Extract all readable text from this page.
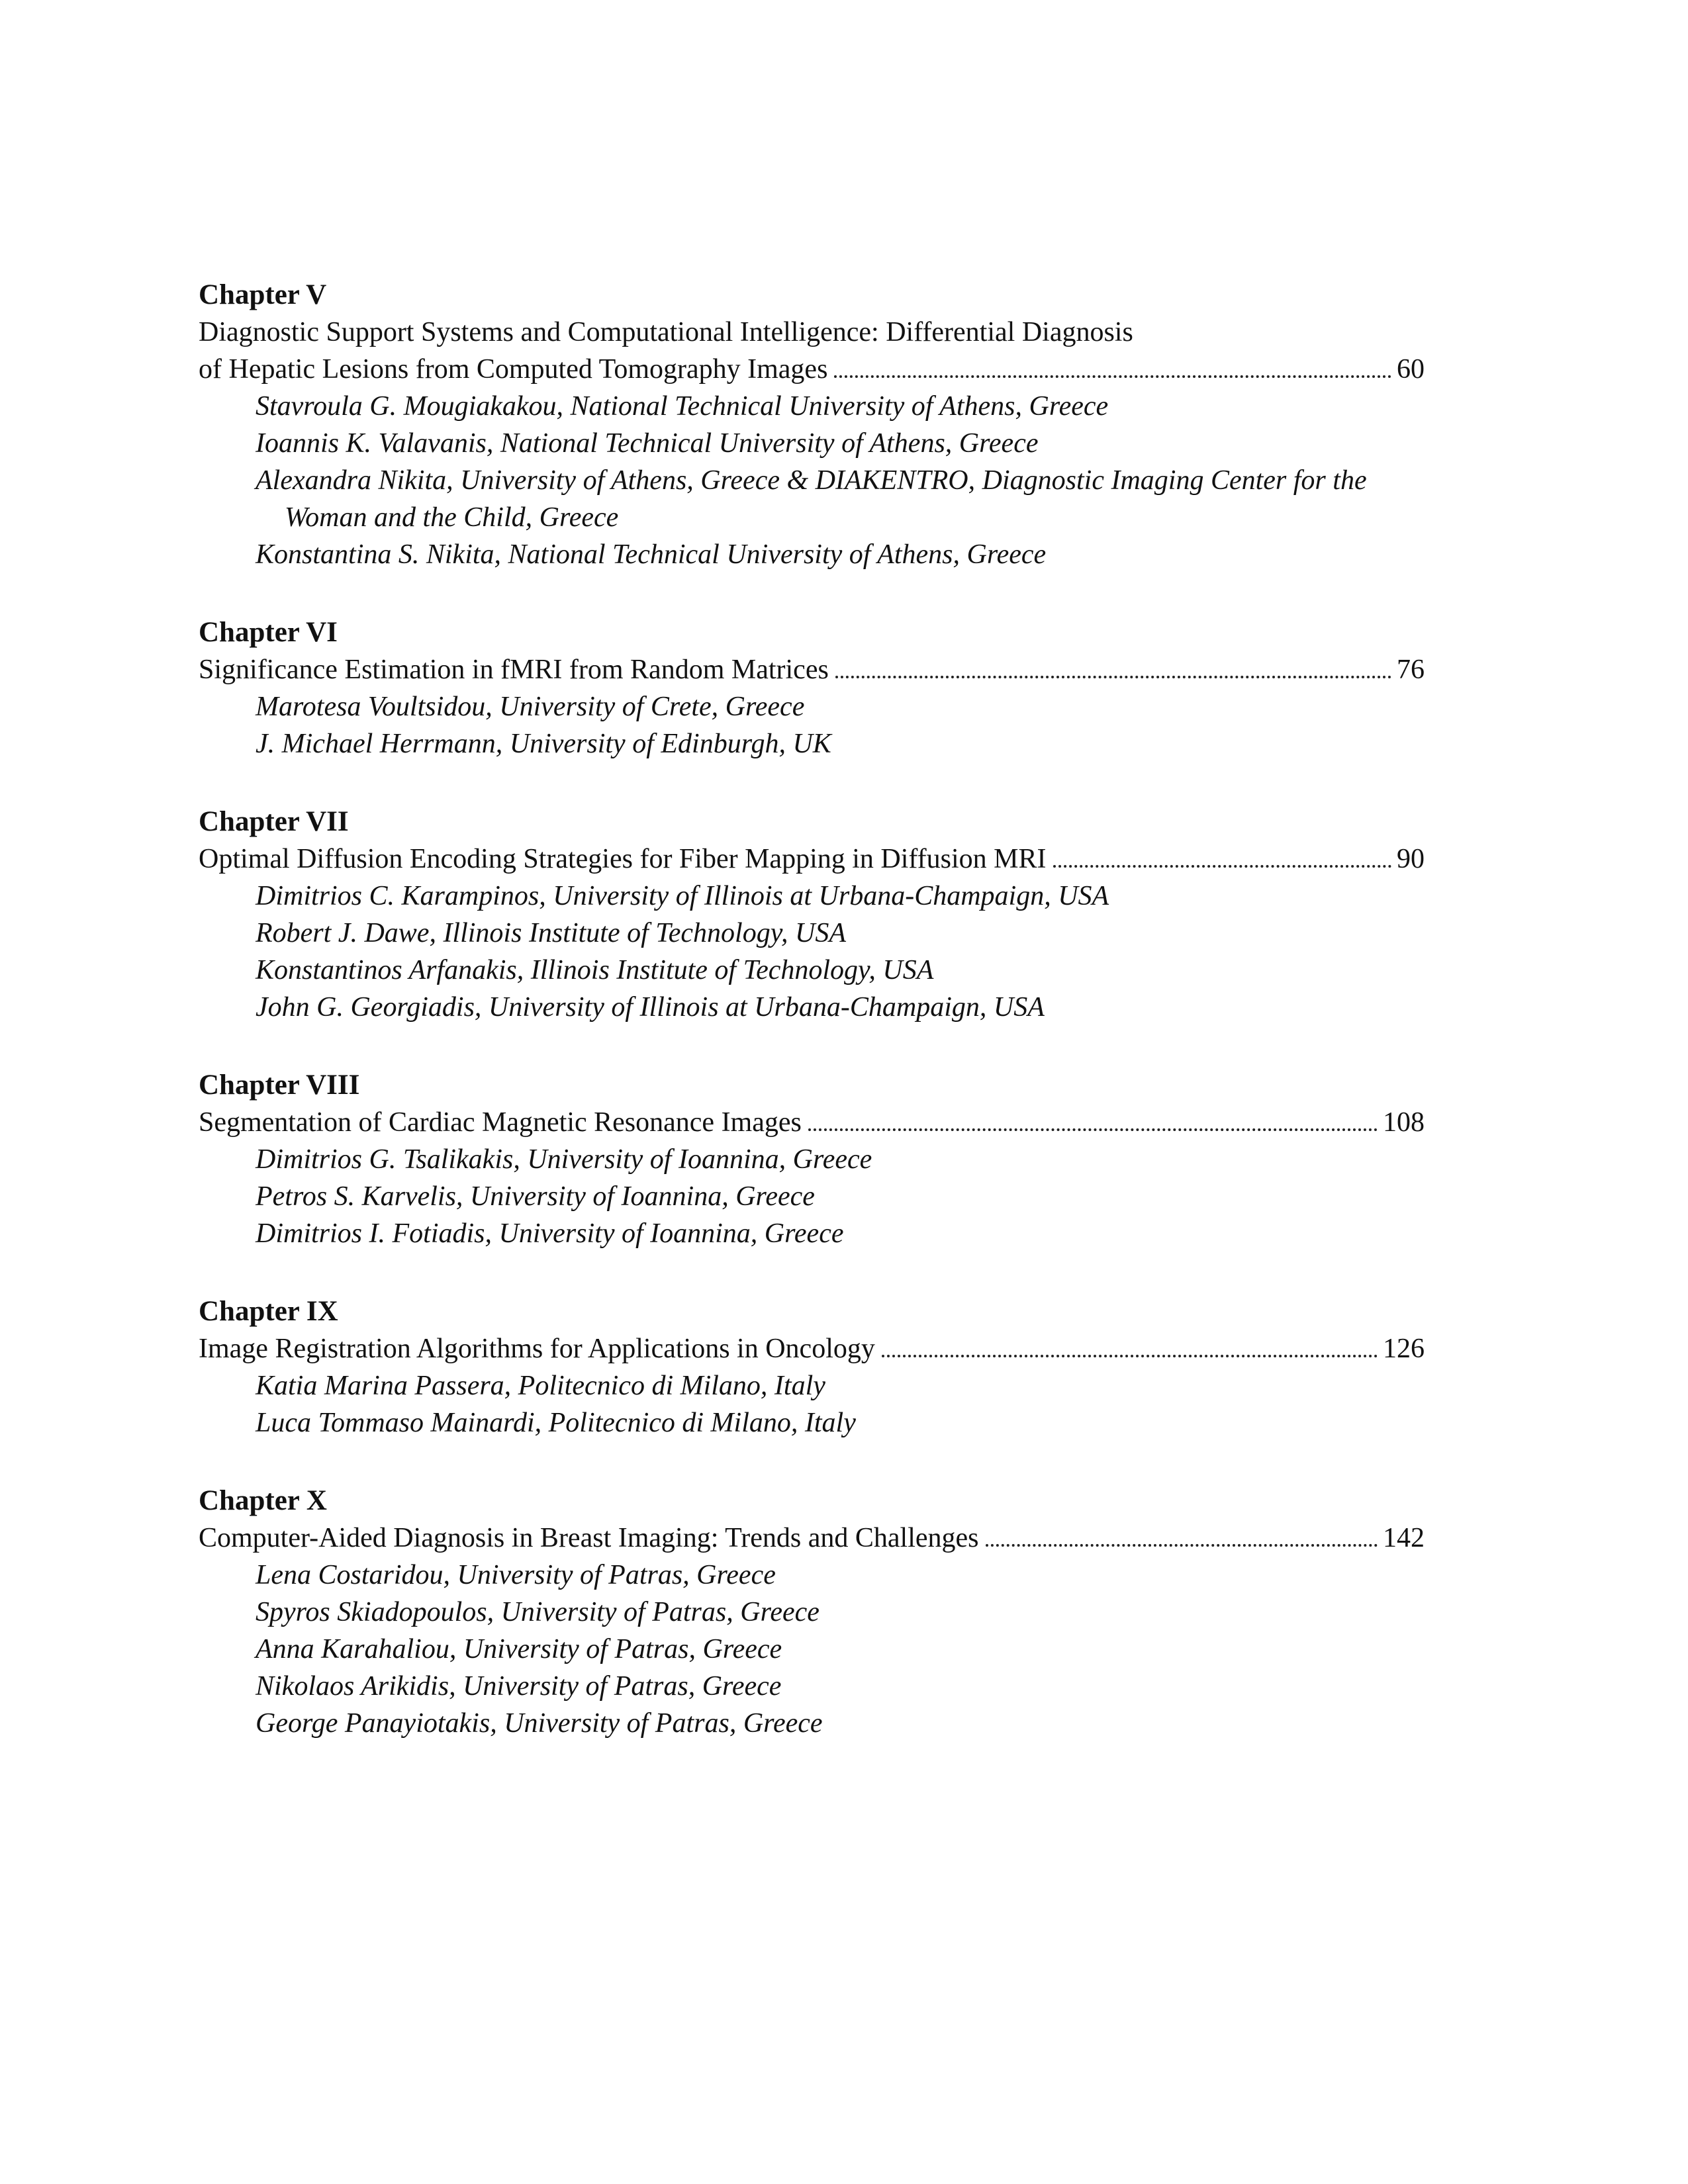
Chapter V
Diagnostic Support Systems and Computational Intelligence: Differential Diagnosis
of Hepatic Lesions from Computed Tomography Images	60
Stavroula G. Mougiakakou, National Technical University of Athens, Greece
Ioannis K. Valavanis, National Technical University of Athens, Greece
Alexandra Nikita, University of Athens, Greece & DIAKENTRO, Diagnostic Imaging Center for the Woman and the Child, Greece
Konstantina S. Nikita, National Technical University of Athens, Greece
Chapter VI
Significance Estimation in fMRI from Random Matrices	76
Marotesa Voultsidou, University of Crete, Greece
J. Michael Herrmann, University of Edinburgh, UK
Chapter VII
Optimal Diffusion Encoding Strategies for Fiber Mapping in Diffusion MRI	90
Dimitrios C. Karampinos, University of Illinois at Urbana-Champaign, USA
Robert J. Dawe, Illinois Institute of Technology, USA
Konstantinos Arfanakis, Illinois Institute of Technology, USA
John G. Georgiadis, University of Illinois at Urbana-Champaign, USA
Chapter VIII
Segmentation of Cardiac Magnetic Resonance Images	108
Dimitrios G. Tsalikakis, University of Ioannina, Greece
Petros S. Karvelis, University of Ioannina, Greece
Dimitrios I. Fotiadis, University of Ioannina, Greece
Chapter IX
Image Registration Algorithms for Applications in Oncology	126
Katia Marina Passera, Politecnico di Milano, Italy
Luca Tommaso Mainardi, Politecnico di Milano, Italy
Chapter X
Computer-Aided Diagnosis in Breast Imaging: Trends and Challenges	142
Lena Costaridou, University of Patras, Greece
Spyros Skiadopoulos, University of Patras, Greece
Anna Karahaliou, University of Patras, Greece
Nikolaos Arikidis, University of Patras, Greece
George Panayiotakis, University of Patras, Greece
